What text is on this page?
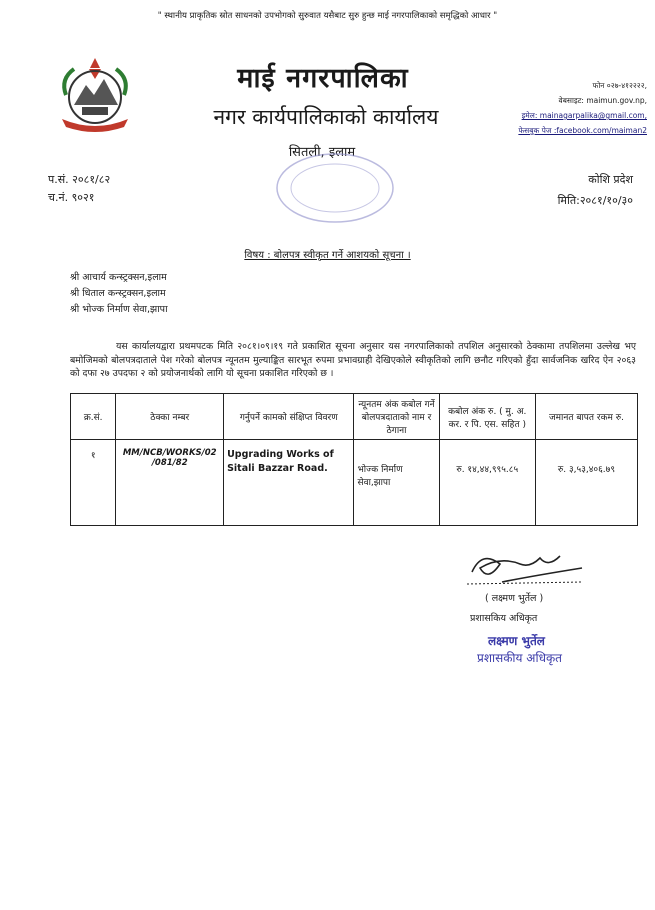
" स्थानीय प्राकृतिक स्रोत साधनको उपभोगको सुरुवात यसैबाट सुरु हुन्छ माई नगरपालिकाको समृद्धिको आधार "
माई नगरपालिका
नगर कार्यपालिकाको कार्यालय
सितली, इलाम
फोन ०२७-४१२२२२,
वेबसाइट: maimun.gov.np,
इमेल: mainagarpalika@gmail.com,
फेसबुक पेज :facebook.com/maiman2
प.सं. २०८१/८२
च.नं. ९०२१
कोशि प्रदेश
मिति:२०८१/१०/३०
विषय : बोलपत्र स्वीकृत गर्ने आशयको सूचना ।
श्री आचार्य कन्स्ट्रक्सन,इलाम
श्री धिताल कन्स्ट्रक्सन,इलाम
श्री भोज्क निर्माण सेवा,झापा
यस कार्यालयद्वारा प्रथमपटक मिति २०८१।०९।१९ गते प्रकाशित सूचना अनुसार यस नगरपालिकाको तपशिल अनुसारको ठेक्कामा तपशिलमा उल्लेख भए बमोजिमको बोलपत्रदाताले पेश गरेको बोलपत्र न्यूनतम मुल्याङ्कित सारभूत रुपमा प्रभावग्राही देखिएकोले स्वीकृतिको लागि छनौट गरिएको हुँदा सार्वजनिक खरिद ऐन २०६३ को दफा २७ उपदफा २ को प्रयोजनार्थको लागि यो सूचना प्रकाशित गरिएको छ ।
क्र.सं.	ठेक्का नम्बर	गर्नुपर्ने कामको संक्षिप्त विवरण	न्यूनतम अंक कबोल गर्ने बोलपत्रदाताको नाम र ठेगाना	कबोल अंक रु. ( मु. अ. कर. र पि. एस. सहित )	जमानत बापत रकम रु.
१	MM/NCB/WORKS/02 /081/82	Upgrading Works of Sitali Bazzar Road.	भोज्क निर्माण सेवा,झापा	रु. १४,४४,९९५.८५	रु. ३,५३,४०६.७९
( लक्ष्मण भुर्तेल )
प्रशासकिय अधिकृत
लक्ष्मण भुर्तेल
प्रशासकीय अधिकृत
